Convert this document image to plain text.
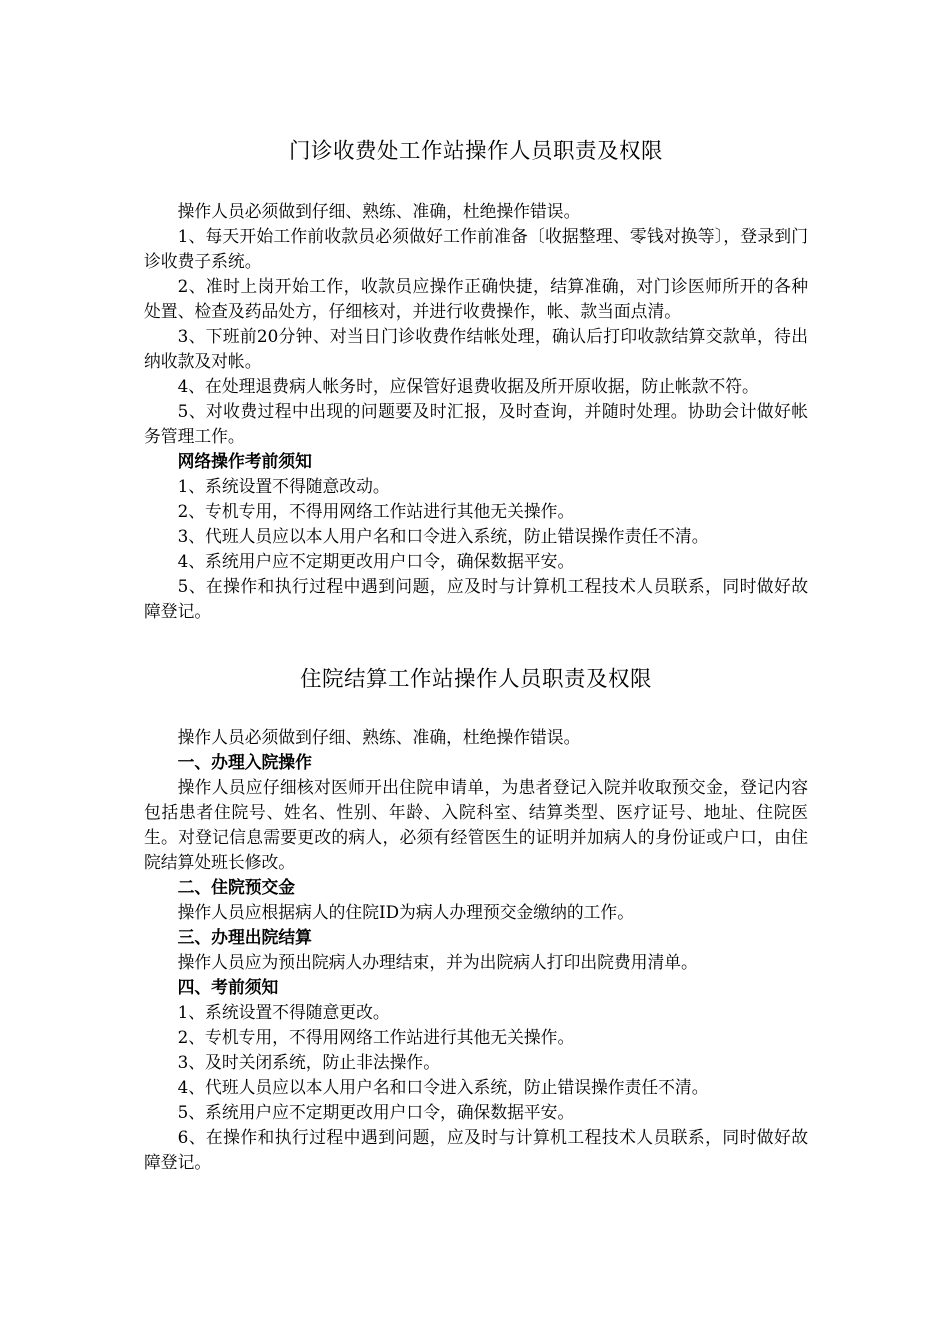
门诊收费处工作站操作人员职责及权限

操作人员必须做到仔细、熟练、准确，杜绝操作错误。

1、每天开始工作前收款员必须做好工作前准备〔收据整理、零钱对换等〕，登录到门诊收费子系统。

2、准时上岗开始工作，收款员应操作正确快捷，结算准确，对门诊医师所开的各种处置、检查及药品处方，仔细核对，并进行收费操作，帐、款当面点清。

3、下班前20分钟、对当日门诊收费作结帐处理，确认后打印收款结算交款单，待出纳收款及对帐。

4、在处理退费病人帐务时，应保管好退费收据及所开原收据，防止帐款不符。

5、对收费过程中出现的问题要及时汇报，及时查询，并随时处理。协助会计做好帐务管理工作。

网络操作考前须知

1、系统设置不得随意改动。

2、专机专用，不得用网络工作站进行其他无关操作。

3、代班人员应以本人用户名和口令进入系统，防止错误操作责任不清。

4、系统用户应不定期更改用户口令，确保数据平安。

5、在操作和执行过程中遇到问题，应及时与计算机工程技术人员联系，同时做好故障登记。

住院结算工作站操作人员职责及权限

操作人员必须做到仔细、熟练、准确，杜绝操作错误。

一、办理入院操作

操作人员应仔细核对医师开出住院申请单，为患者登记入院并收取预交金，登记内容包括患者住院号、姓名、性别、年龄、入院科室、结算类型、医疗证号、地址、住院医生。对登记信息需要更改的病人，必须有经管医生的证明并加病人的身份证或户口，由住院结算处班长修改。

二、住院预交金

操作人员应根据病人的住院ID为病人办理预交金缴纳的工作。

三、办理出院结算

操作人员应为预出院病人办理结束，并为出院病人打印出院费用清单。

四、考前须知

1、系统设置不得随意更改。

2、专机专用，不得用网络工作站进行其他无关操作。

3、及时关闭系统，防止非法操作。

4、代班人员应以本人用户名和口令进入系统，防止错误操作责任不清。

5、系统用户应不定期更改用户口令，确保数据平安。

6、在操作和执行过程中遇到问题，应及时与计算机工程技术人员联系，同时做好故障登记。
